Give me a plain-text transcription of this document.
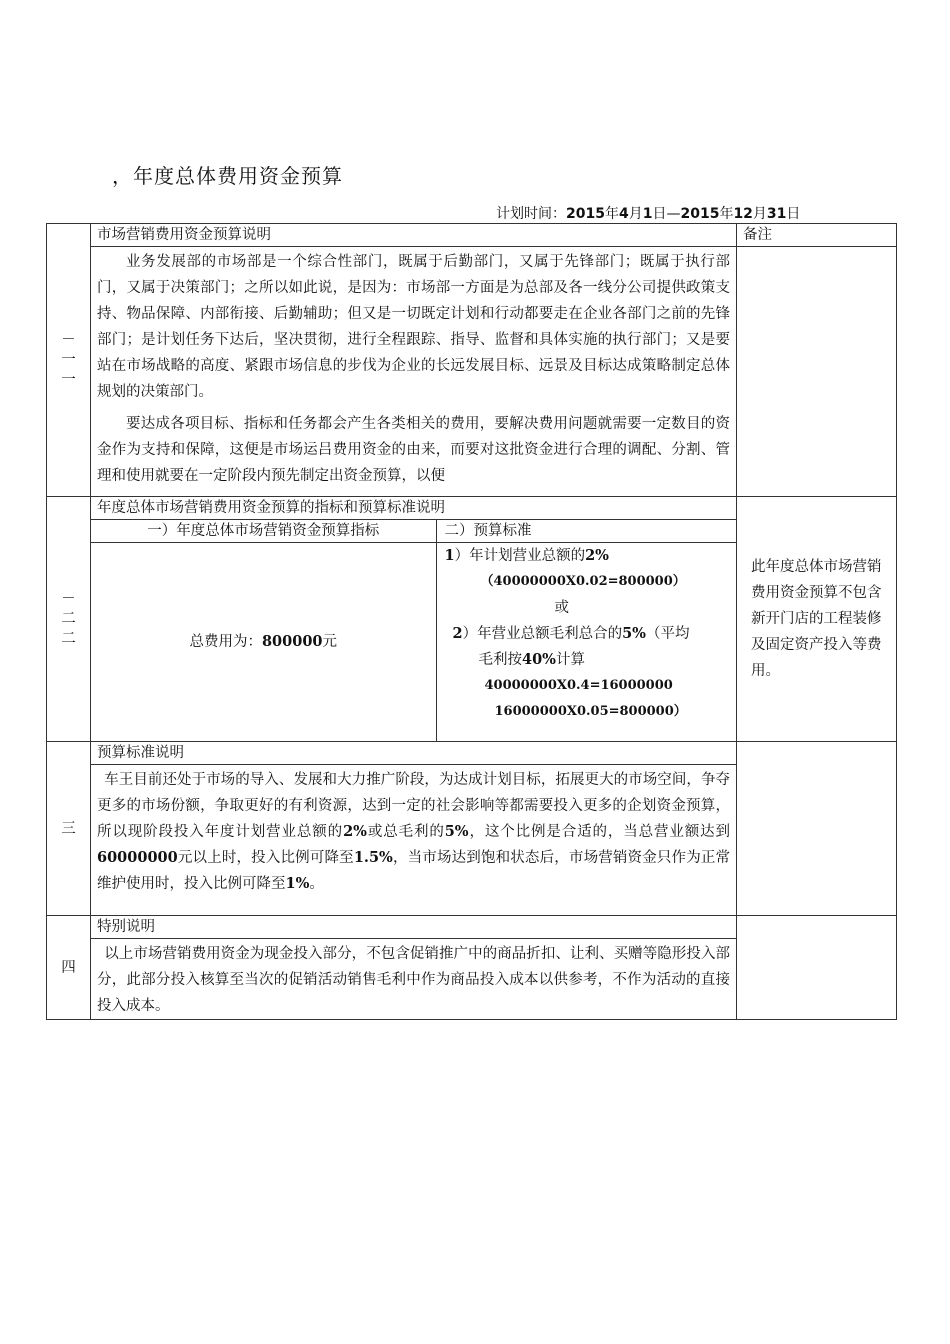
，年度总体费用资金预算
计划时间：2015年4月1日—2015年12月31日
－
一
一	市场营销费用资金预算说明	备注

业务发展部的市场部是一个综合性部门，既属于后勤部门，又属于先锋部门；既属于执行部门，又属于决策部门；之所以如此说，是因为：市场部一方面是为总部及各一线分公司提供政策支持、物品保障、内部衔接、后勤辅助；但又是一切既定计划和行动都要走在企业各部门之前的先锋部门；是计划任务下达后，坚决贯彻，进行全程跟踪、指导、监督和具体实施的执行部门；又是要站在市场战略的高度、紧跟市场信息的步伐为企业的长远发展目标、远景及目标达成策略制定总体规划的决策部门。

要达成各项目标、指标和任务都会产生各类相关的费用，要解决费用问题就需要一定数目的资金作为支持和保障，这便是市场运吕费用资金的由来，而要对这批资金进行合理的调配、分割、管理和使用就要在一定阶段内预先制定出资金预算，以便

－
二
二	
年度总体市场营销费用资金预算的指标和预算标准说明
一）年度总体市场营销资金预算指标	二）预算标准
总费用为：800000元	
1）年计划营业总额的2%
（40000000X0.02=800000）
或
2）年营业总额毛利总合的5%（平均
毛利按40%计算
40000000X0.4=16000000
16000000X0.05=800000）
	此年度总体市场营销费用资金预算不包含新开门店的工程装修及固定资产投入等费用。
三	预算标准说明	

车王目前还处于市场的导入、发展和大力推广阶段，为达成计划目标，拓展更大的市场空间，争夺更多的市场份额，争取更好的有利资源，达到一定的社会影响等都需要投入更多的企划资金预算，所以现阶段投入年度计划营业总额的2%或总毛利的5%，这个比例是合适的，当总营业额达到60000000元以上时，投入比例可降至1.5%，当市场达到饱和状态后，市场营销资金只作为正常维护使用时，投入比例可降至1%。

四	特别说明	

以上市场营销费用资金为现金投入部分，不包含促销推广中的商品折扣、让利、买赠等隐形投入部分，此部分投入核算至当次的促销活动销售毛利中作为商品投入成本以供参考，不作为活动的直接投入成本。
